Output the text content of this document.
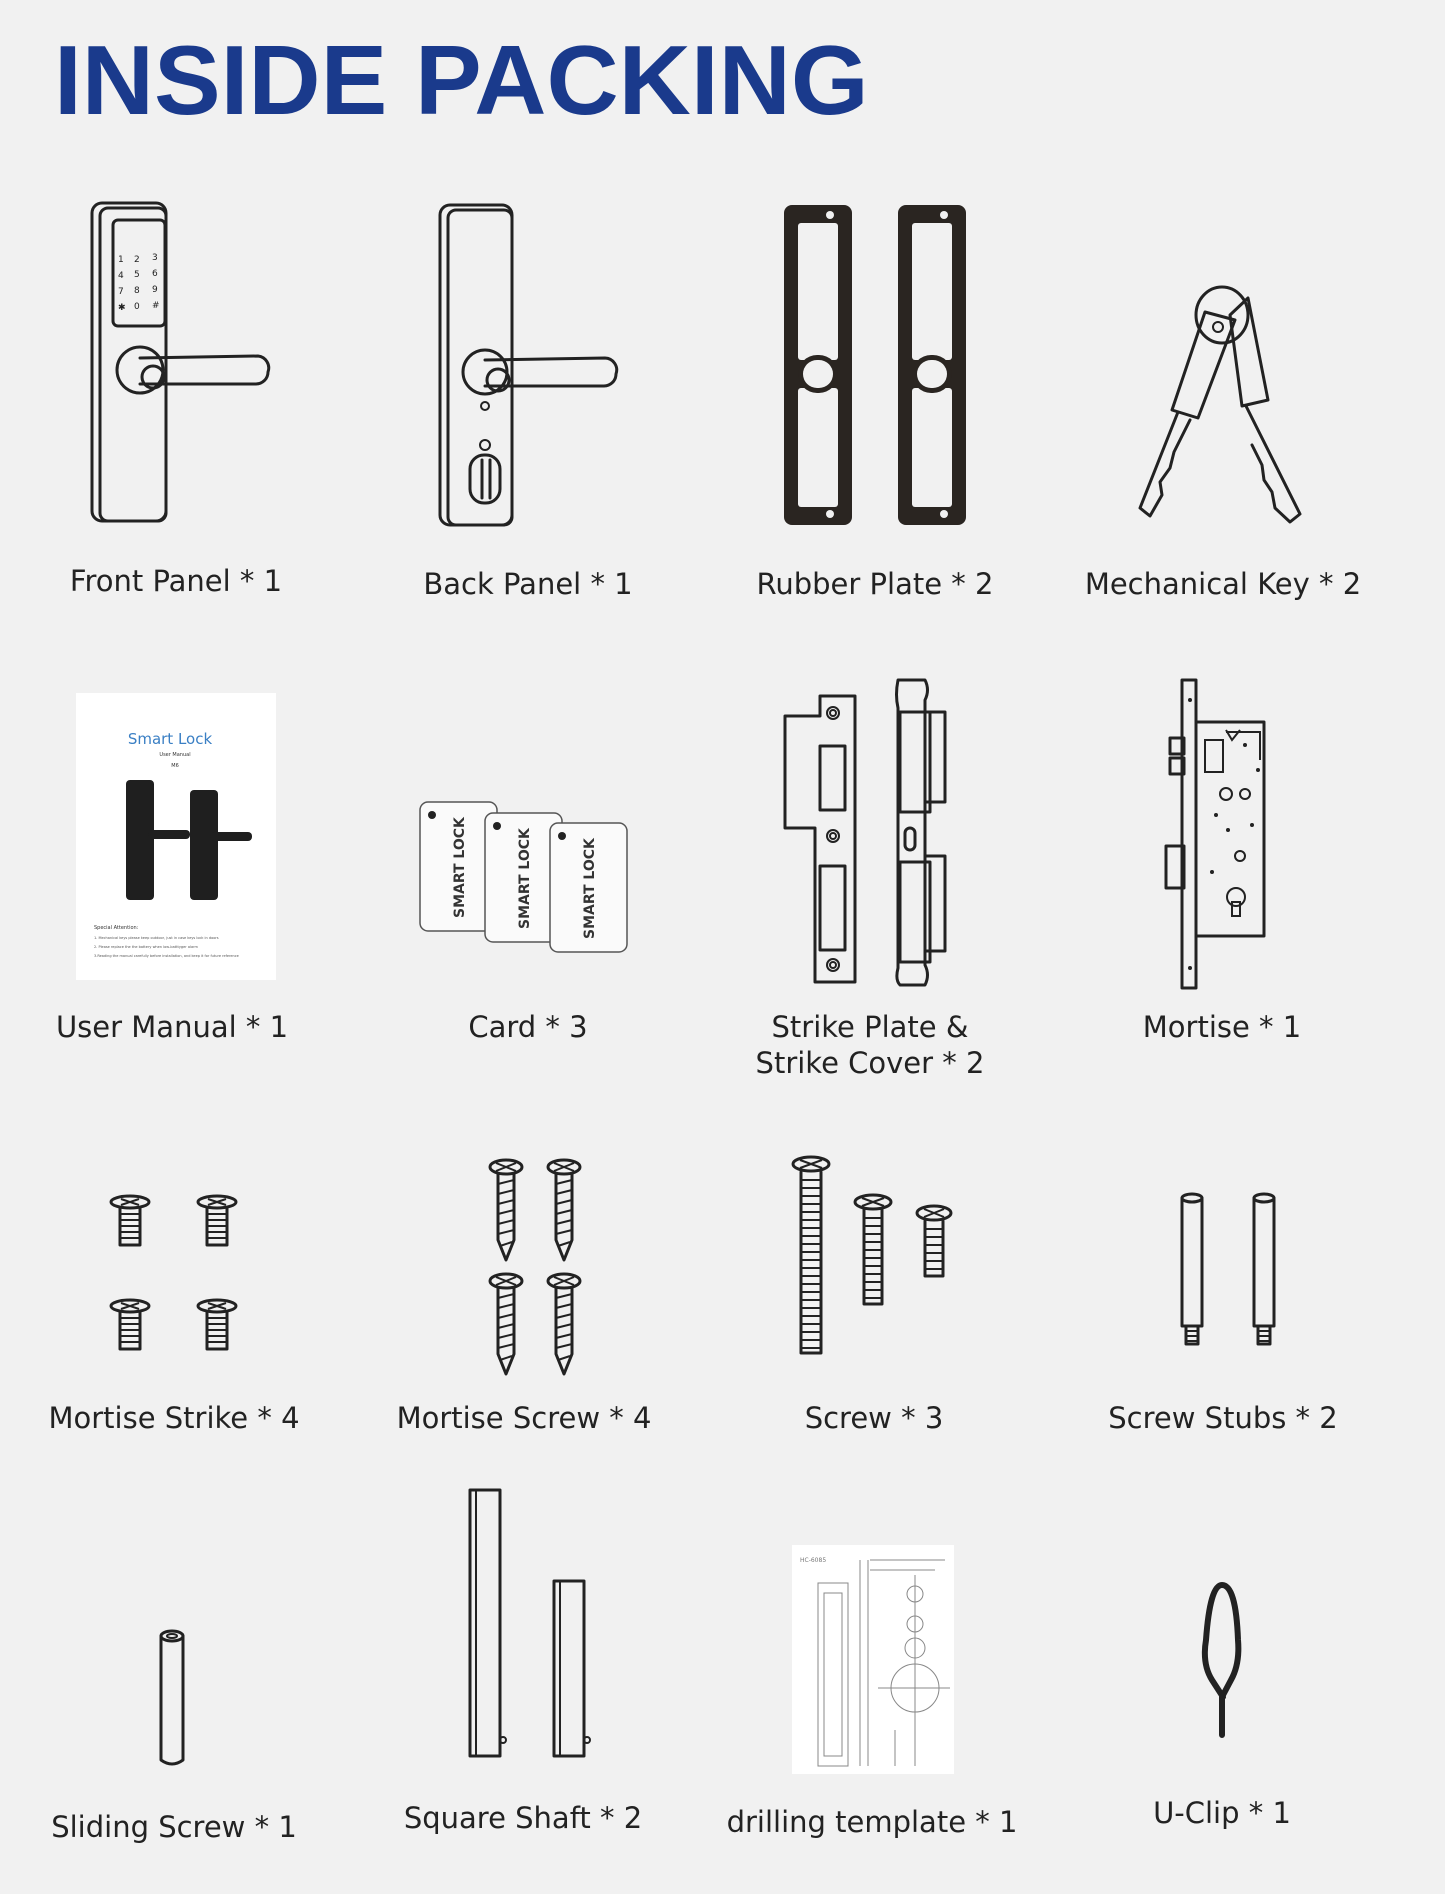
INSIDE PACKING
1 2 3
4 5 6
7 8 9
✱ 0 #
Front Panel * 1	Back Panel * 1	Rubber Plate * 2	Mechanical Key * 2
Smart Lock
User Manual
M6
Special Attention:
1. Mechanical keys please keep outdoor, just in case keys lock in doors
2. Please replace the the battery when low-batttyger alarm
3.Reading the manual carefully before installation, and keep it for future reference
User Manual * 1
SMART LOCK	SMART LOCK	SMART LOCK
Card * 3	Strike Plate &
Strike Cover * 2
Mortise * 1
Mortise Strike * 4	Mortise Screw * 4	Screw * 3	Screw Stubs * 2
Sliding Screw * 1	Square Shaft * 2
HC-6085
drilling template * 1	U-Clip * 1
